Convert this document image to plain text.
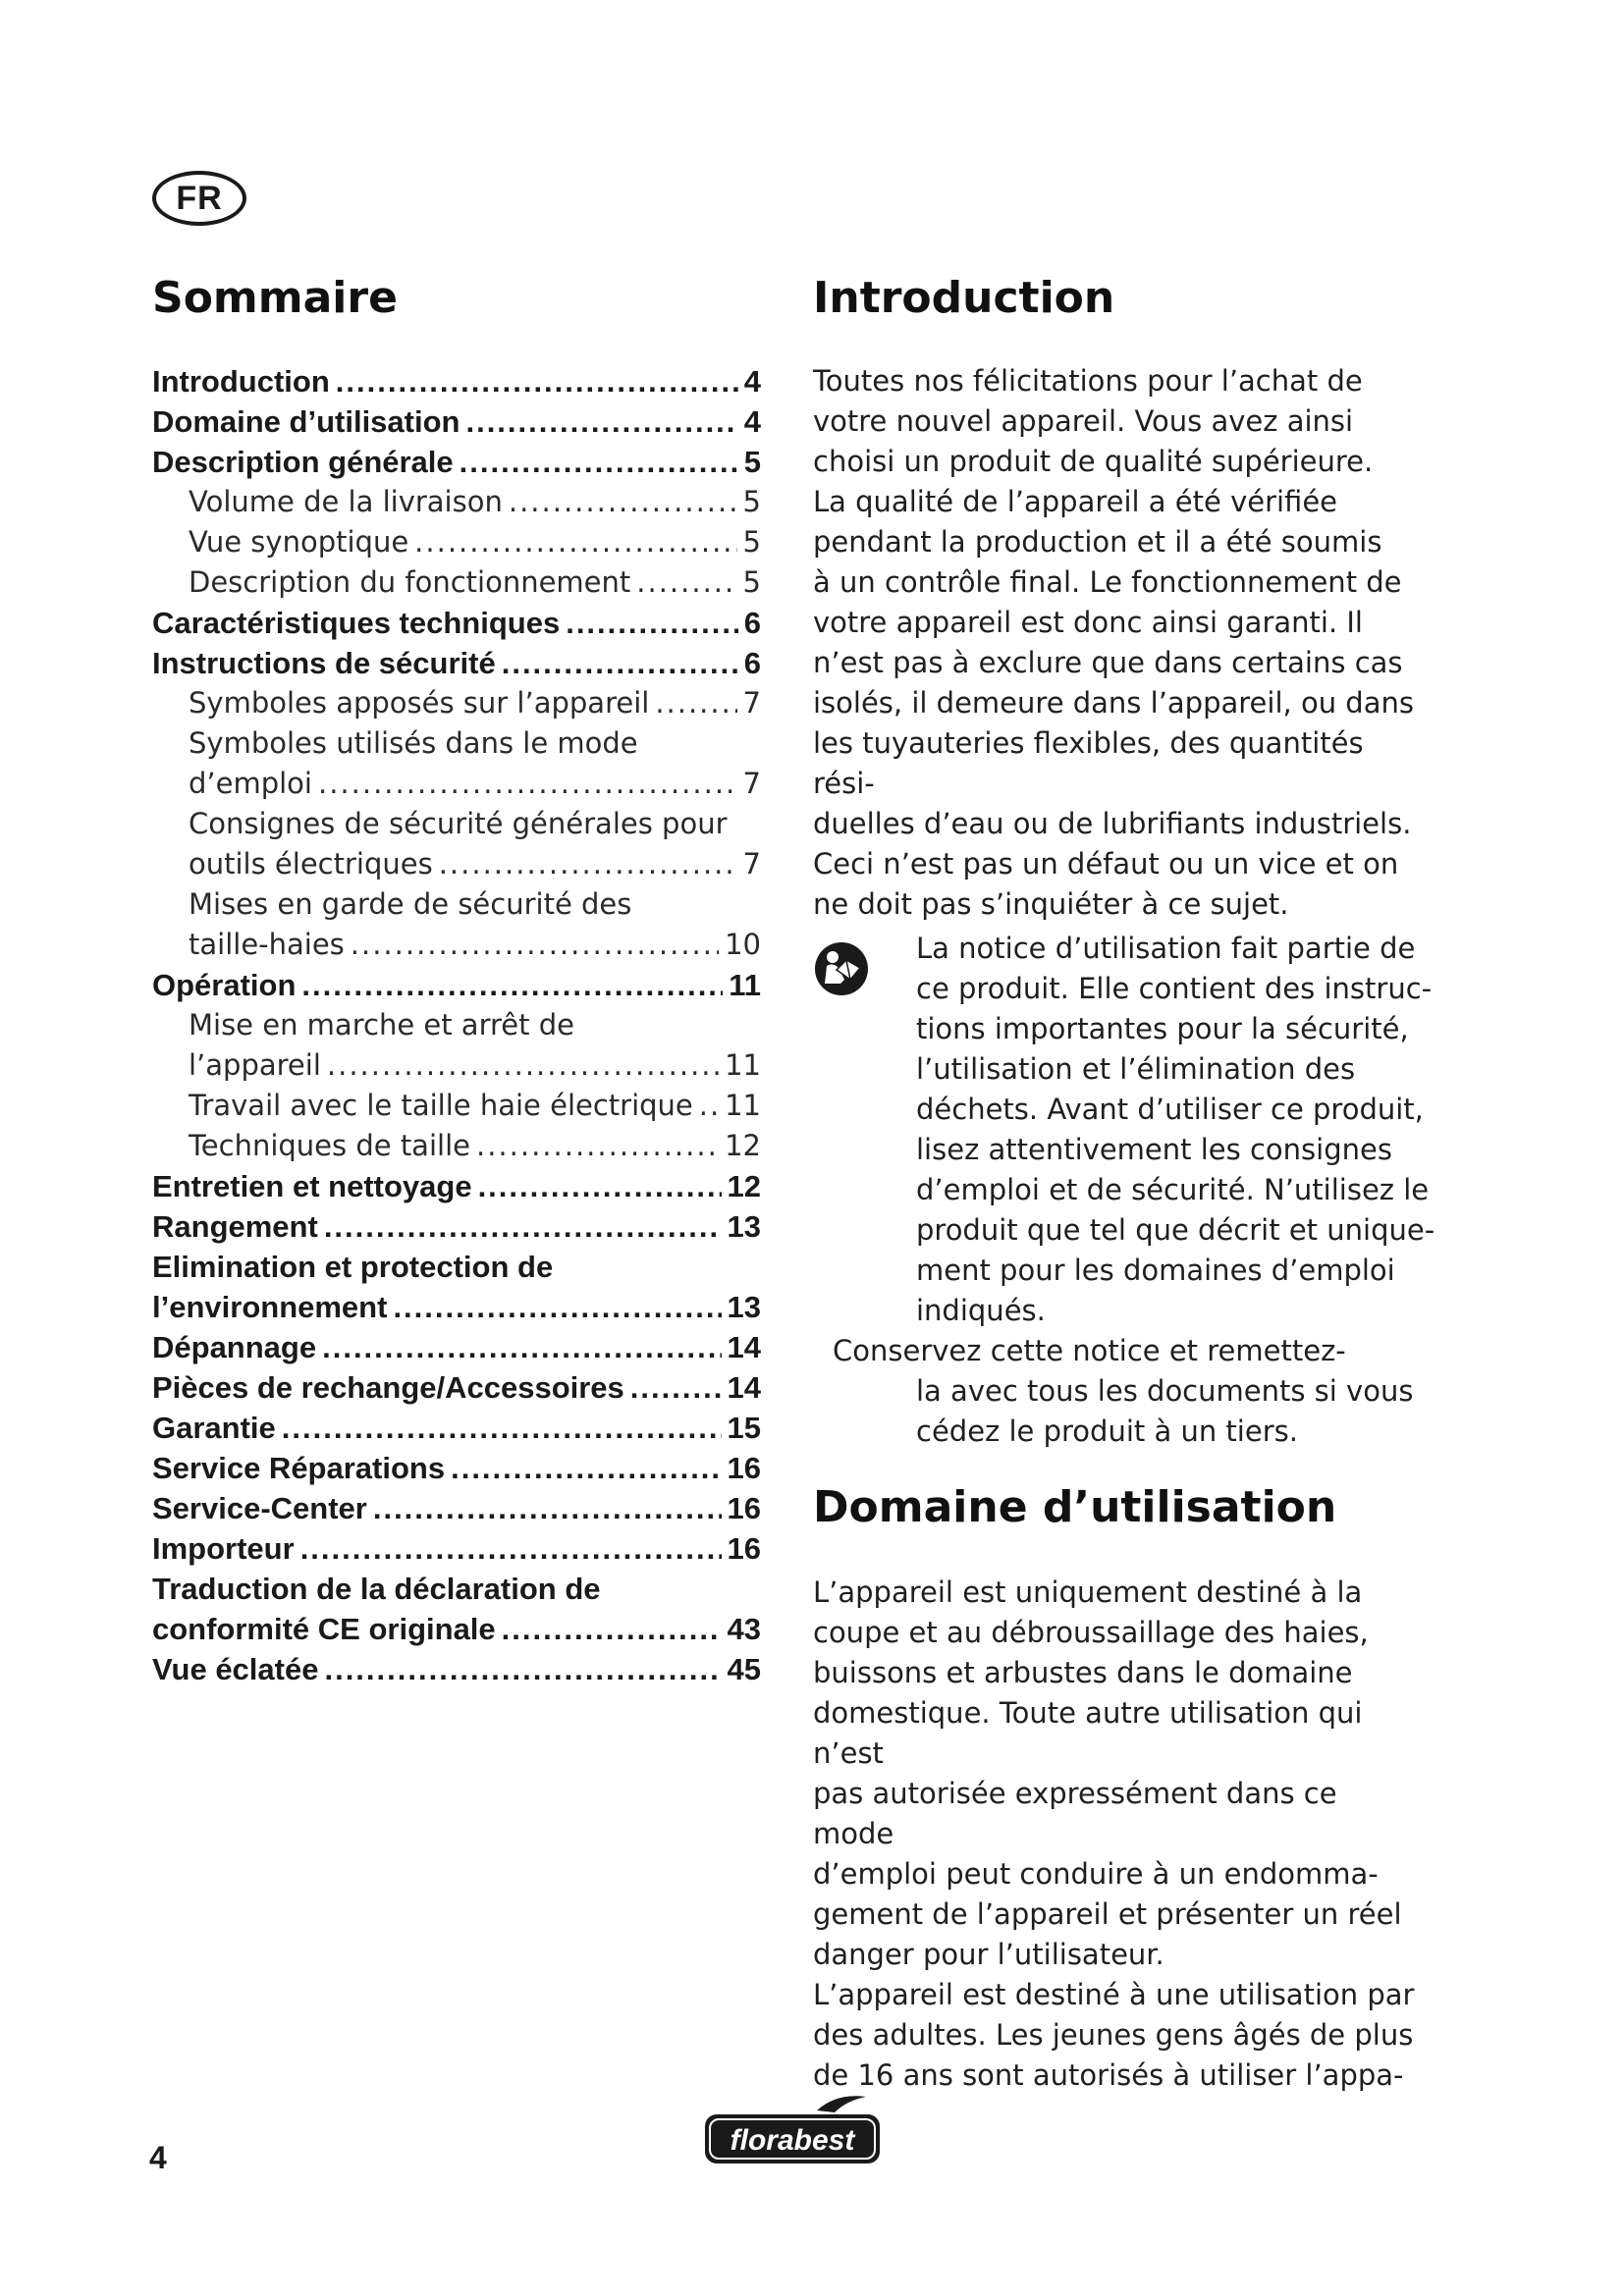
FR
Sommaire
Introduction .....	4
Domaine d’utilisation .....	4
Description générale .....	5
Volume de la livraison .....	5
Vue synoptique .....	5
Description du fonctionnement .....	5
Caractéristiques techniques .....	6
Instructions de sécurité .....	6
Symboles apposés sur l’appareil .....	7
Symboles utilisés dans le mode
d’emploi .....	7
Consignes de sécurité générales pour
outils électriques .....	7
Mises en garde de sécurité des
taille-haies .....	10
Opération .....	11
Mise en marche et arrêt de
l’appareil .....	11
Travail avec le taille haie électrique ..... 11
Techniques de taille .....	12
Entretien et nettoyage .....	12
Rangement .....	13
Elimination et protection de
l’environnement .....	13
Dépannage .....	14
Pièces de rechange/Accessoires .....	14
Garantie .....	15
Service Réparations .....	16
Service-Center .....	16
Importeur .....	16
Traduction de la déclaration de
conformité CE originale .....	43
Vue éclatée .....	45
Introduction

Toutes nos félicitations pour l’achat de

votre nouvel appareil. Vous avez ainsi

choisi un produit de qualité supérieure.

La qualité de l’appareil a été vérifiée

pendant la production et il a été soumis

à un contrôle final. Le fonctionnement de

votre appareil est donc ainsi garanti. Il

n’est pas à exclure que dans certains cas

isolés, il demeure dans l’appareil, ou dans

les tuyauteries flexibles, des quantités rési-

duelles d’eau ou de lubrifiants industriels.

Ceci n’est pas un défaut ou un vice et on

ne doit pas s’inquiéter à ce sujet.

La notice d’utilisation fait partie de

ce produit. Elle contient des instruc-

tions importantes pour la sécurité,

l’utilisation et l’élimination des

déchets. Avant d’utiliser ce produit,

lisez attentivement les consignes

d’emploi et de sécurité. N’utilisez le

produit que tel que décrit et unique-

ment pour les domaines d’emploi

indiqués.

Conservez cette notice et remettez-

la avec tous les documents si vous

cédez le produit à un tiers.

Domaine d’utilisation

L’appareil est uniquement destiné à la

coupe et au débroussaillage des haies,

buissons et arbustes dans le domaine

domestique. Toute autre utilisation qui n’est

pas autorisée expressément dans ce mode

d’emploi peut conduire à un endomma-

gement de l’appareil et présenter un réel

danger pour l’utilisateur.

L’appareil est destiné à une utilisation par

des adultes. Les jeunes gens âgés de plus

de 16 ans sont autorisés à utiliser l’appa-

4	florabest
